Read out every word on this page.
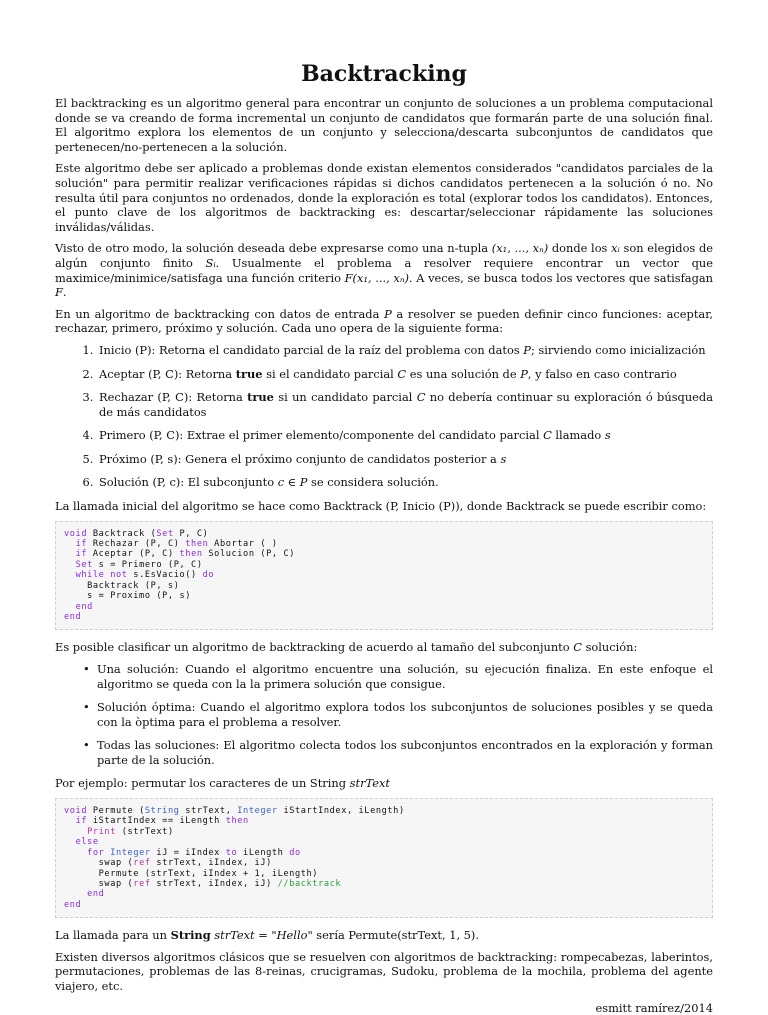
Backtracking

El backtracking es un algoritmo general para encontrar un conjunto de soluciones a un problema computacional donde se va creando de forma incremental un conjunto de candidatos que formarán parte de una solución final. El algoritmo explora los elementos de un conjunto y selecciona/descarta subconjuntos de candidatos que pertenecen/no-pertenecen a la solución.

Este algoritmo debe ser aplicado a problemas donde existan elementos considerados "candidatos parciales de la solución" para permitir realizar verificaciones rápidas si dichos candidatos pertenecen a la solución ó no. No resulta útil para conjuntos no ordenados, donde la exploración es total (explorar todos los candidatos). Entonces, el punto clave de los algoritmos de backtracking es: descartar/seleccionar rápidamente las soluciones inválidas/válidas.

Visto de otro modo, la solución deseada debe expresarse como una n-tupla (x₁, ..., xₙ) donde los xᵢ son elegidos de algún conjunto finito Sᵢ. Usualmente el problema a resolver requiere encontrar un vector que maximice/minimice/satisfaga una función criterio F(x₁, ..., xₙ). A veces, se busca todos los vectores que satisfagan F.

En un algoritmo de backtracking con datos de entrada P a resolver se pueden definir cinco funciones: aceptar, rechazar, primero, próximo y solución. Cada uno opera de la siguiente forma:

1. Inicio (P): Retorna el candidato parcial de la raíz del problema con datos P; sirviendo como inicialización
2. Aceptar (P, C): Retorna true si el candidato parcial C es una solución de P, y falso en caso contrario
3. Rechazar (P, C): Retorna true si un candidato parcial C no debería continuar su exploración ó búsqueda de más candidatos
4. Primero (P, C): Extrae el primer elemento/componente del candidato parcial C llamado s
5. Próximo (P, s): Genera el próximo conjunto de candidatos posterior a s
6. Solución (P, c): El subconjunto c ∈ P se considera solución.

La llamada inicial del algoritmo se hace como Backtrack (P, Inicio (P)), donde Backtrack se puede escribir como:

void Backtrack (Set P, C)
if Rechazar (P, C) then Abortar ( )
if Aceptar (P, C) then Solucion (P, C)
Set s = Primero (P, C)
while not s.EsVacio() do
Backtrack (P, s)
s = Proximo (P, s)
end
end

Es posible clasificar un algoritmo de backtracking de acuerdo al tamaño del subconjunto C solución:

• Una solución: Cuando el algoritmo encuentre una solución, su ejecución finaliza. En este enfoque el algoritmo se queda con la la primera solución que consigue.
• Solución óptima: Cuando el algoritmo explora todos los subconjuntos de soluciones posibles y se queda con la òptima para el problema a resolver.
• Todas las soluciones: El algoritmo colecta todos los subconjuntos encontrados en la exploración y forman parte de la solución.

Por ejemplo: permutar los caracteres de un String strText

void Permute (String strText, Integer iStartIndex, iLength)
if iStartIndex == iLength then
Print (strText)
else
for Integer iJ = iIndex to iLength do
swap (ref strText, iIndex, iJ)
Permute (strText, iIndex + 1, iLength)
swap (ref strText, iIndex, iJ) //backtrack
end
end

La llamada para un String strText = "Hello" sería Permute(strText, 1, 5).

Existen diversos algoritmos clásicos que se resuelven con algoritmos de backtracking: rompecabezas, laberintos, permutaciones, problemas de las 8-reinas, crucigramas, Sudoku, problema de la mochila, problema del agente viajero, etc.

esmitt ramírez/2014
